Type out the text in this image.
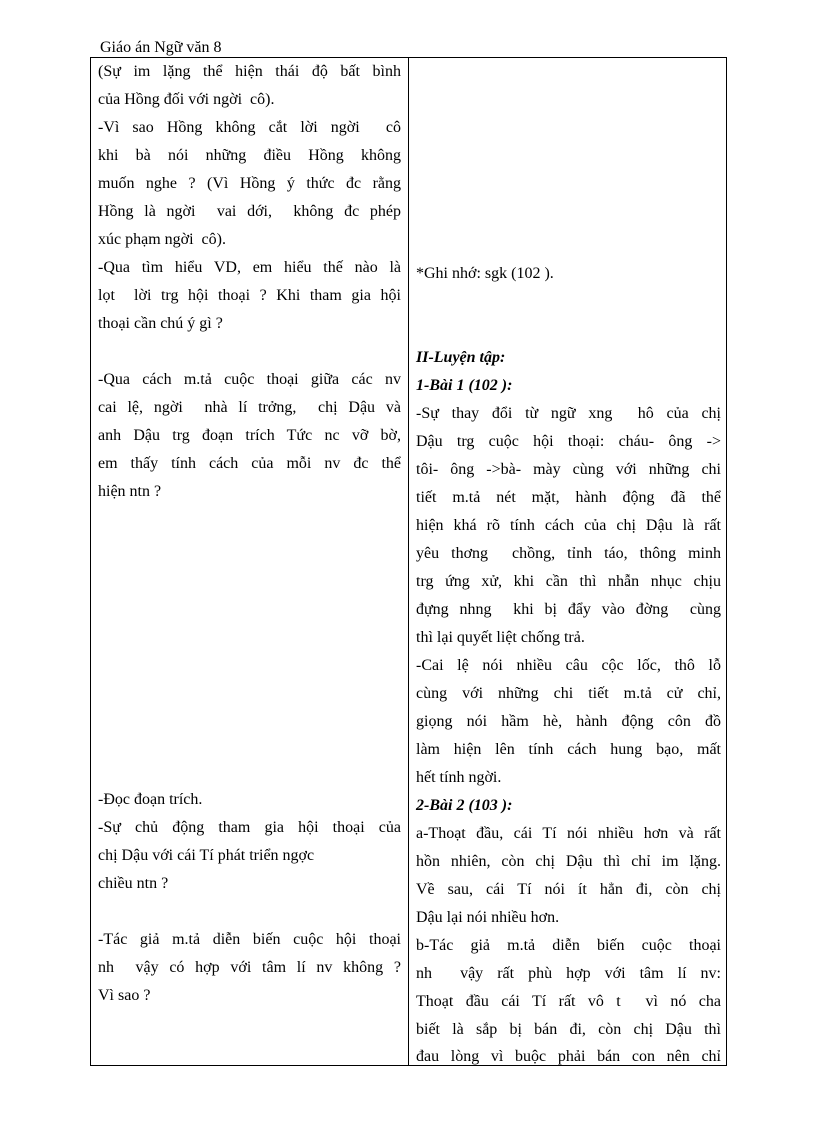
Giáo án Ngữ văn 8
(Sự im lặng thể hiện thái độ bất bình
của Hồng đối với ngời  cô).
-Vì sao Hồng không cắt lời ngời  cô
khi bà nói những điều Hồng không
muốn nghe ? (Vì Hồng ý thức đc rằng
Hồng là ngời  vai dới,  không đc phép
xúc phạm ngời  cô).
-Qua tìm hiểu VD, em hiểu thế nào là
lọt  lời trg hội thoại ? Khi tham gia hội
thoại cần chú ý gì ?
-Qua cách m.tả cuộc thoại giữa các nv
cai lệ, ngời  nhà lí trởng,  chị Dậu và
anh Dậu trg đoạn trích Tức nc vỡ bờ,
em thấy tính cách của mỗi nv đc thể
hiện ntn ?
-Đọc đoạn trích.
-Sự chủ động tham gia hội thoại của
chị Dậu với cái Tí phát triển ngợc
chiều ntn ?
-Tác giả m.tả diễn biến cuộc hội thoại
nh  vậy có hợp với tâm lí nv không ?
Vì sao ?
*Ghi nhớ: sgk (102 ).
II-Luyện tập:
1-Bài 1 (102 ):
-Sự thay đổi từ ngữ xng  hô của chị
Dậu trg cuộc hội thoại: cháu- ông ->
tôi- ông ->bà- mày cùng với những chi
tiết m.tả nét mặt, hành động đã thể
hiện khá rõ tính cách của chị Dậu là rất
yêu thơng  chồng, tỉnh táo, thông minh
trg ứng xử, khi cần thì nhẫn nhục chịu
đựng nhng  khi bị đẩy vào đờng  cùng
thì lại quyết liệt chống trả.
-Cai lệ nói nhiều câu cộc lốc, thô lỗ
cùng với những chi tiết m.tả cử chỉ,
giọng nói hầm hè, hành động côn đồ
làm hiện lên tính cách hung bạo, mất
hết tính ngời.
2-Bài 2 (103 ):
a-Thoạt đầu, cái Tí nói nhiều hơn và rất
hồn nhiên, còn chị Dậu thì chỉ im lặng.
Về sau, cái Tí nói ít hẳn đi, còn chị
Dậu lại nói nhiều hơn.
b-Tác giả m.tả diễn biến cuộc thoại
nh  vậy rất phù hợp với tâm lí nv:
Thoạt đầu cái Tí rất vô t  vì nó cha
biết là sắp bị bán đi, còn chị Dậu thì
đau lòng vì buộc phải bán con nên chỉ
